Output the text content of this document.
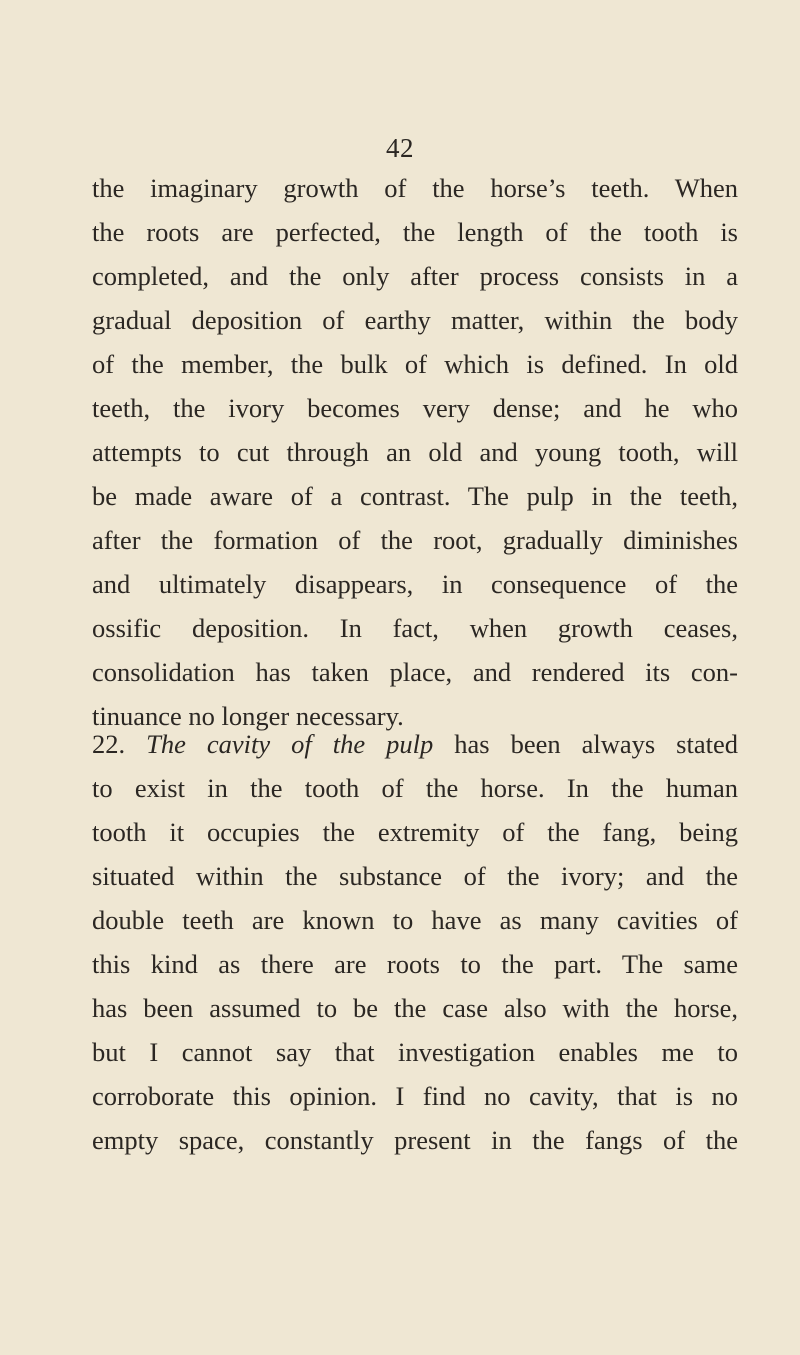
42
the imaginary growth of the horse’s teeth. When
the roots are perfected, the length of the tooth is
completed, and the only after process consists in a
gradual deposition of earthy matter, within the body
of the member, the bulk of which is defined. In old
teeth, the ivory becomes very dense; and he who
attempts to cut through an old and young tooth, will
be made aware of a contrast. The pulp in the teeth,
after the formation of the root, gradually diminishes
and ultimately disappears, in consequence of the
ossific deposition. In fact, when growth ceases,
consolidation has taken place, and rendered its con-
tinuance no longer necessary.
22. The cavity of the pulp has been always stated
to exist in the tooth of the horse. In the human
tooth it occupies the extremity of the fang, being
situated within the substance of the ivory; and the
double teeth are known to have as many cavities of
this kind as there are roots to the part. The same
has been assumed to be the case also with the horse,
but I cannot say that investigation enables me to
corroborate this opinion. I find no cavity, that is no
empty space, constantly present in the fangs of the
